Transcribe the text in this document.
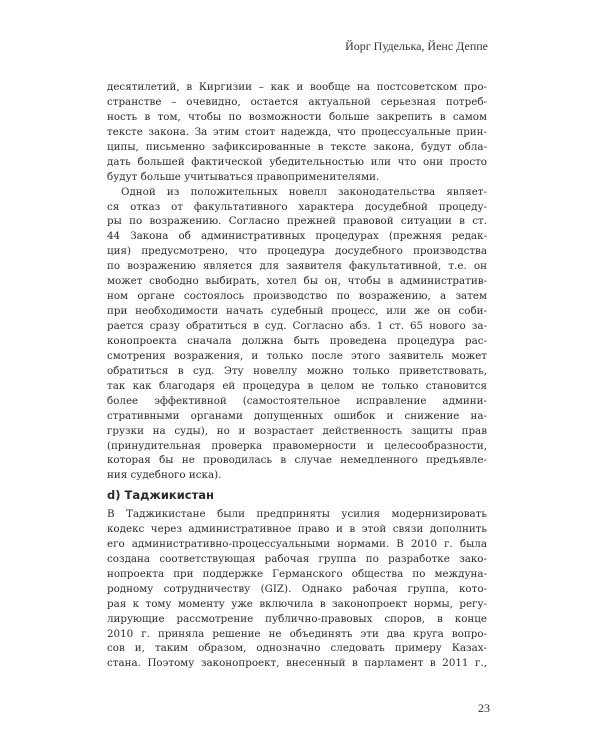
Йорг Пуделька, Йенс Деппе
десятилетий, в Киргизии – как и вообще на постсоветском про-
странстве – очевидно, остается актуальной серьезная потреб-
ность в том, чтобы по возможности больше закрепить в самом
тексте закона. За этим стоит надежда, что процессуальные прин-
ципы, письменно зафиксированные в тексте закона, будут обла-
дать большей фактической убедительностью или что они просто
будут больше учитываться правоприменителями.
Одной из положительных новелл законодательства являет-
ся отказ от факультативного характера досудебной процеду-
ры по возражению. Согласно прежней правовой ситуации в ст.
44 Закона об административных процедурах (прежняя редак-
ция) предусмотрено, что процедура досудебного производства
по возражению является для заявителя факультативной, т.е. он
может свободно выбирать, хотел бы он, чтобы в административ-
ном органе состоялось производство по возражению, а затем
при необходимости начать судебный процесс, или же он соби-
рается сразу обратиться в суд. Согласно абз. 1 ст. 65 нового за-
конопроекта сначала должна быть проведена процедура рас-
смотрения возражения, и только после этого заявитель может
обратиться в суд. Эту новеллу можно только приветствовать,
так как благодаря ей процедура в целом не только становится
более эффективной (самостоятельное исправление админи-
стративными органами допущенных ошибок и снижение на-
грузки на суды), но и возрастает действенность защиты прав
(принудительная проверка правомерности и целесообразности,
которая бы не проводилась в случае немедленного предъявле-
ния судебного иска).
d) Таджикистан
В Таджикистане были предприняты усилия модернизировать
кодекс через административное право и в этой связи дополнить
его административно-процессуальными нормами. В 2010 г. была
создана соответствующая рабочая группа по разработке зако-
нопроекта при поддержке Германского общества по междуна-
родному сотрудничеству (GIZ). Однако рабочая группа, кото-
рая к тому моменту уже включила в законопроект нормы, регу-
лирующие рассмотрение публично-правовых споров, в конце
2010 г. приняла решение не объединять эти два круга вопро-
сов и, таким образом, однозначно следовать примеру Казах-
стана. Поэтому законопроект, внесенный в парламент в 2011 г.,
23
